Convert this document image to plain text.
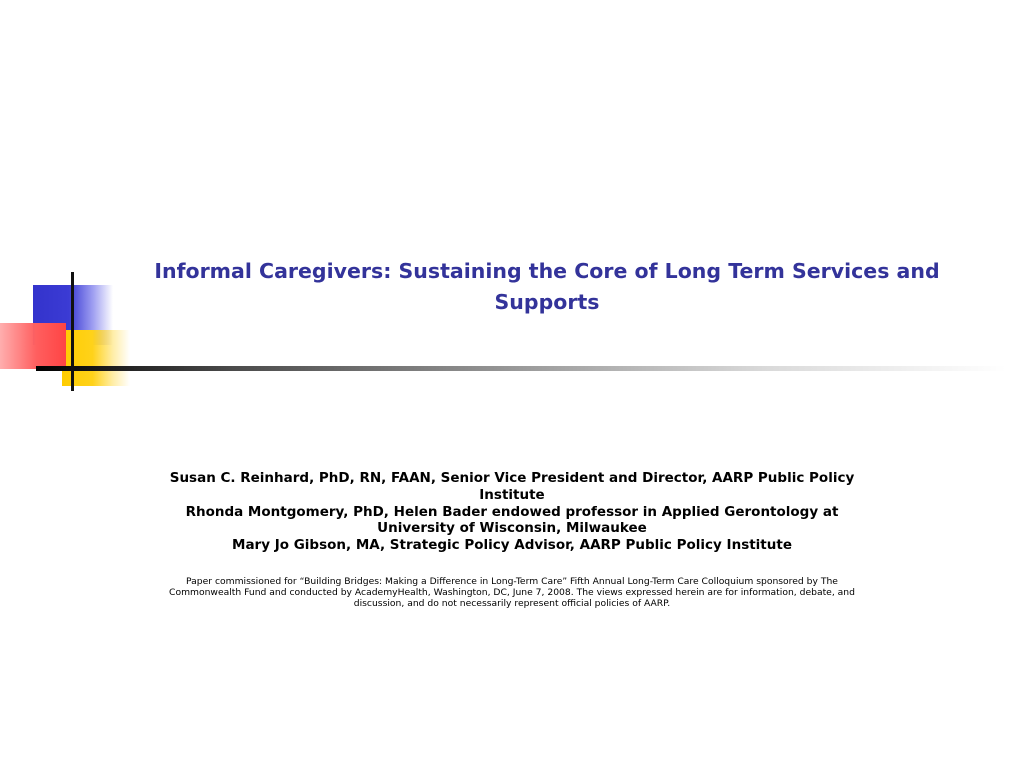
Informal Caregivers: Sustaining the Core of Long Term Services and Supports
Susan C. Reinhard, PhD, RN, FAAN, Senior Vice President and Director, AARP Public Policy Institute
Rhonda Montgomery, PhD, Helen Bader endowed professor in Applied Gerontology at University of Wisconsin, Milwaukee
Mary Jo Gibson, MA, Strategic Policy Advisor, AARP Public Policy Institute
Paper commissioned for “Building Bridges: Making a Difference in Long-Term Care” Fifth Annual Long-Term Care Colloquium sponsored by The Commonwealth Fund and conducted by AcademyHealth, Washington, DC, June 7, 2008. The views expressed herein are for information, debate, and discussion, and do not necessarily represent official policies of AARP.
